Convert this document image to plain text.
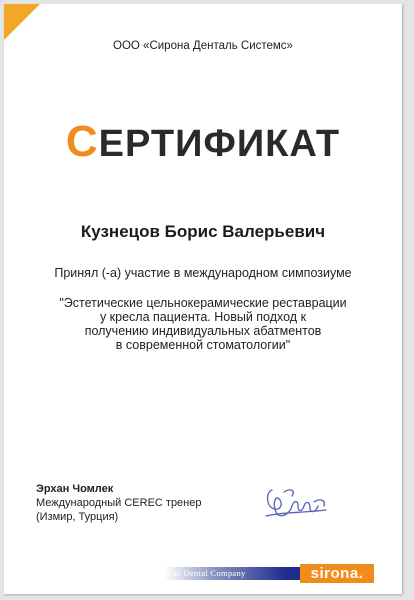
ООО «Сирона Денталь Системс»
СЕРТИФИКАТ
Кузнецов Борис Валерьевич
Принял (-а) участие в международном симпозиуме
"Эстетические цельнокерамические реставрации
у кресла пациента. Новый подход к
получению индивидуальных абатментов
в современной стоматологии"
Эрхан Чомлек
Международный CEREC тренер
(Измир, Турция)
The Dental Company	sirona.
